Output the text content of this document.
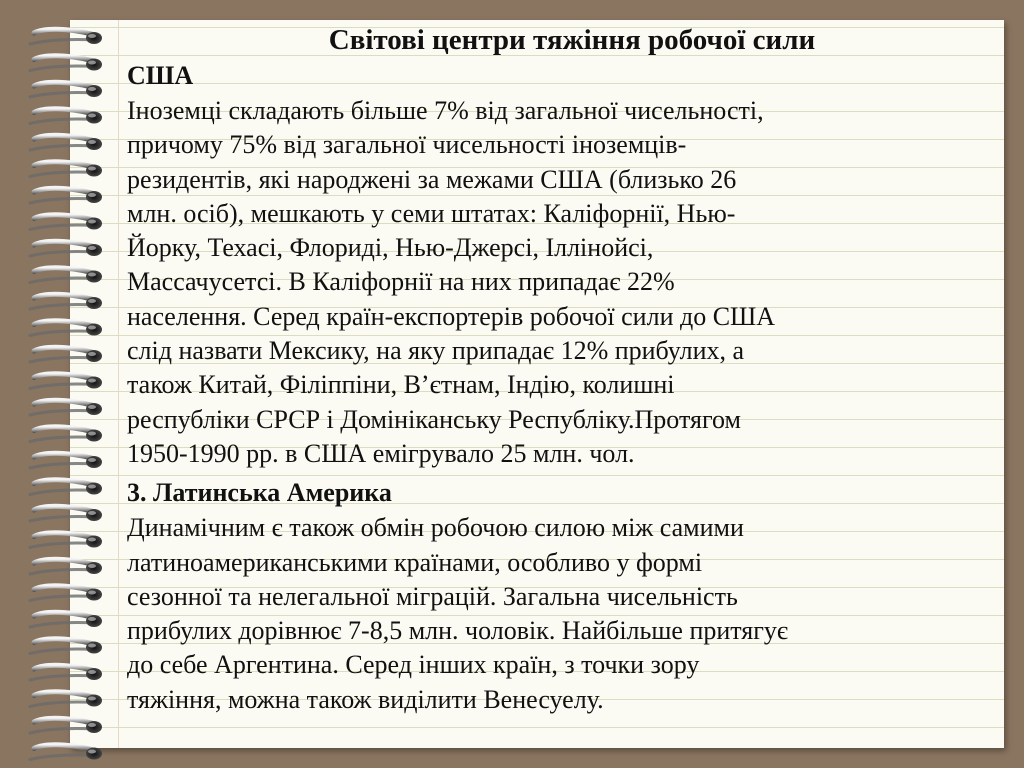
Світові центри тяжіння робочої сили
США

Іноземці складають більше 7% від загальної чисельності,
причому 75% від загальної чисельності іноземців-
резидентів, які народжені за межами США (близько 26
млн. осіб), мешкають у семи штатах: Каліфорнії, Нью-
Йорку, Техасі, Флориді, Нью-Джерсі, Іллінойсі,
Массачусетсі. В Каліфорнії на них припадає 22%
населення. Серед країн-експортерів робочої сили до США
слід назвати Мексику, на яку припадає 12% прибулих, а
також Китай, Філіппіни, В’єтнам, Індію, колишні
республіки СРСР і Домініканську Республіку.Протягом
1950-1990 рр. в США емігрувало 25 млн. чол.

3. Латинська Америка

Динамічним є також обмін робочою силою між самими
латиноамериканськими країнами, особливо у формі
сезонної та нелегальної міграцій. Загальна чисельність
прибулих дорівнює 7-8,5 млн. чоловік. Найбільше притягує
до себе Аргентина. Серед інших країн, з точки зору
тяжіння, можна також виділити Венесуелу.
